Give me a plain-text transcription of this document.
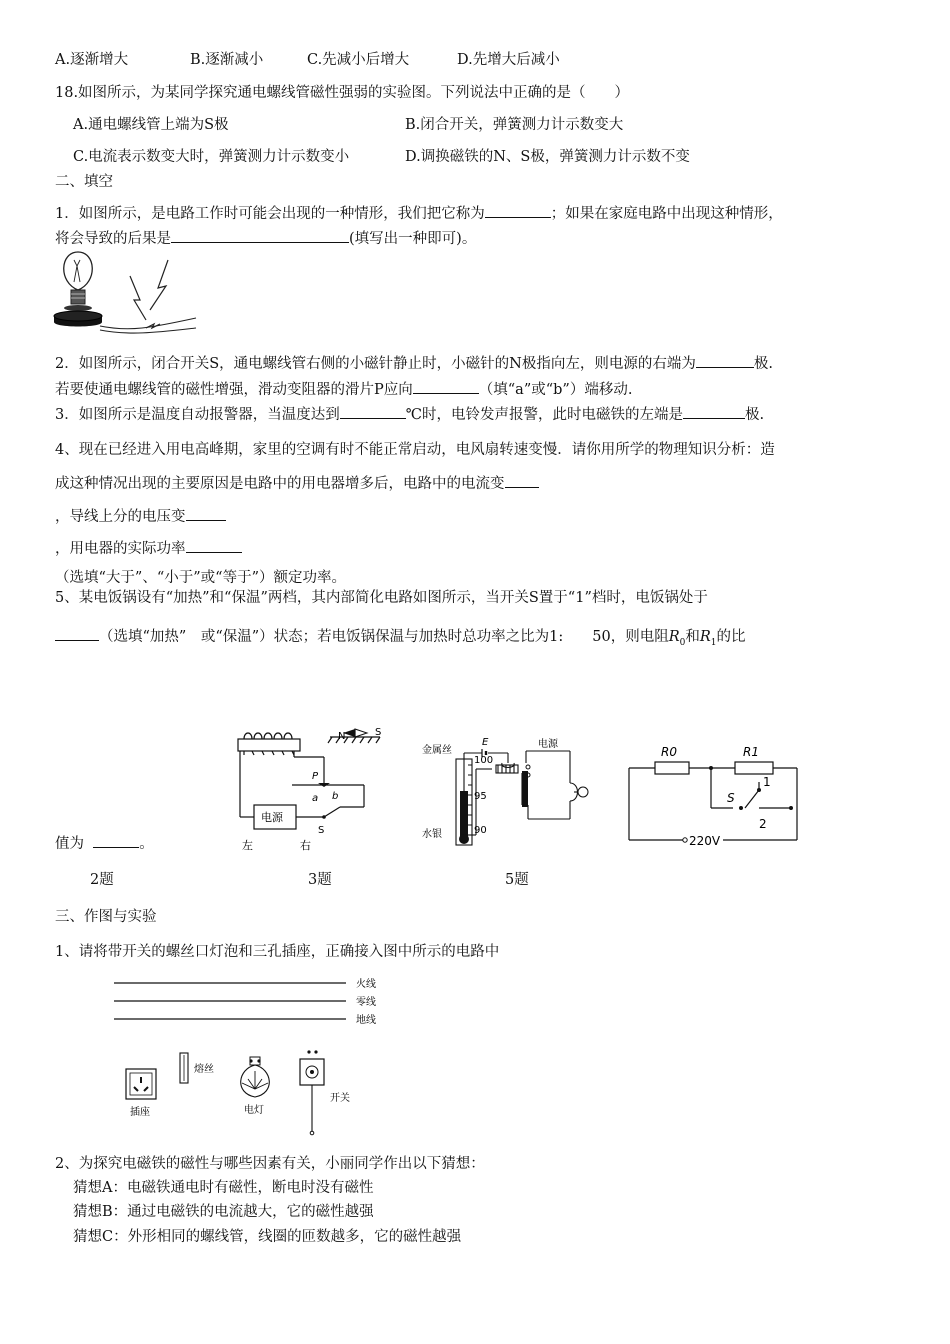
A.逐渐增大	B.逐渐减小	C.先减小后增大	D.先增大后减小
18.如图所示，为某同学探究通电螺线管磁性强弱的实验图。下列说法中正确的是（　　）
A.通电螺线管上端为S极	B.闭合开关，弹簧测力计示数变大
C.电流表示数变大时，弹簧测力计示数变小	D.调换磁铁的N、S极，弹簧测力计示数不变
二、填空
1．如图所示，是电路工作时可能会出现的一种情形，我们把它称为	；如果在家庭电路中出现这种情形，
将会导致的后果是	(填写出一种即可)。
2．如图所示，闭合开关S，通电螺线管右侧的小磁针静止时，小磁针的N极指向左，则电源的右端为	极.
若要使通电螺线管的磁性增强，滑动变阻器的滑片P应向	（填“a”或“b”）端移动.
3．如图所示是温度自动报警器，当温度达到	℃时，电铃发声报警，此时电磁铁的左端是	极.
4、现在已经进入用电高峰期，家里的空调有时不能正常启动，电风扇转速变慢．请你用所学的物理知识分析：造
成这种情况出现的主要原因是电路中的用电器增多后，电路中的电流变
，导线上分的电压变
，用电器的实际功率
（选填“大于”、“小于”或“等于”）额定功率。
5、某电饭锅设有“加热”和“保温”两档，其内部简化电路如图所示，当开关S置于“1”档时，电饭锅处于
（选填“加热”　或“保温”）状态；若电饭锅保温与加热时总功率之比为1:　　50，则电阻$R_0$和$R_1$的比
值为	。
电源
N	S
P
a b
S
左	右
金属丝
E	电源
100
95
90
水银
R0	R1
S
1
2
220V
2题	3题	5题
三、作图与实验
1、请将带开关的螺丝口灯泡和三孔插座，正确接入图中所示的电路中
火线
零线
地线
插座
熔丝
电灯
开关
2、为探究电磁铁的磁性与哪些因素有关，小丽同学作出以下猜想：
猜想A：电磁铁通电时有磁性，断电时没有磁性
猜想B：通过电磁铁的电流越大，它的磁性越强
猜想C：外形相同的螺线管，线圈的匝数越多，它的磁性越强
